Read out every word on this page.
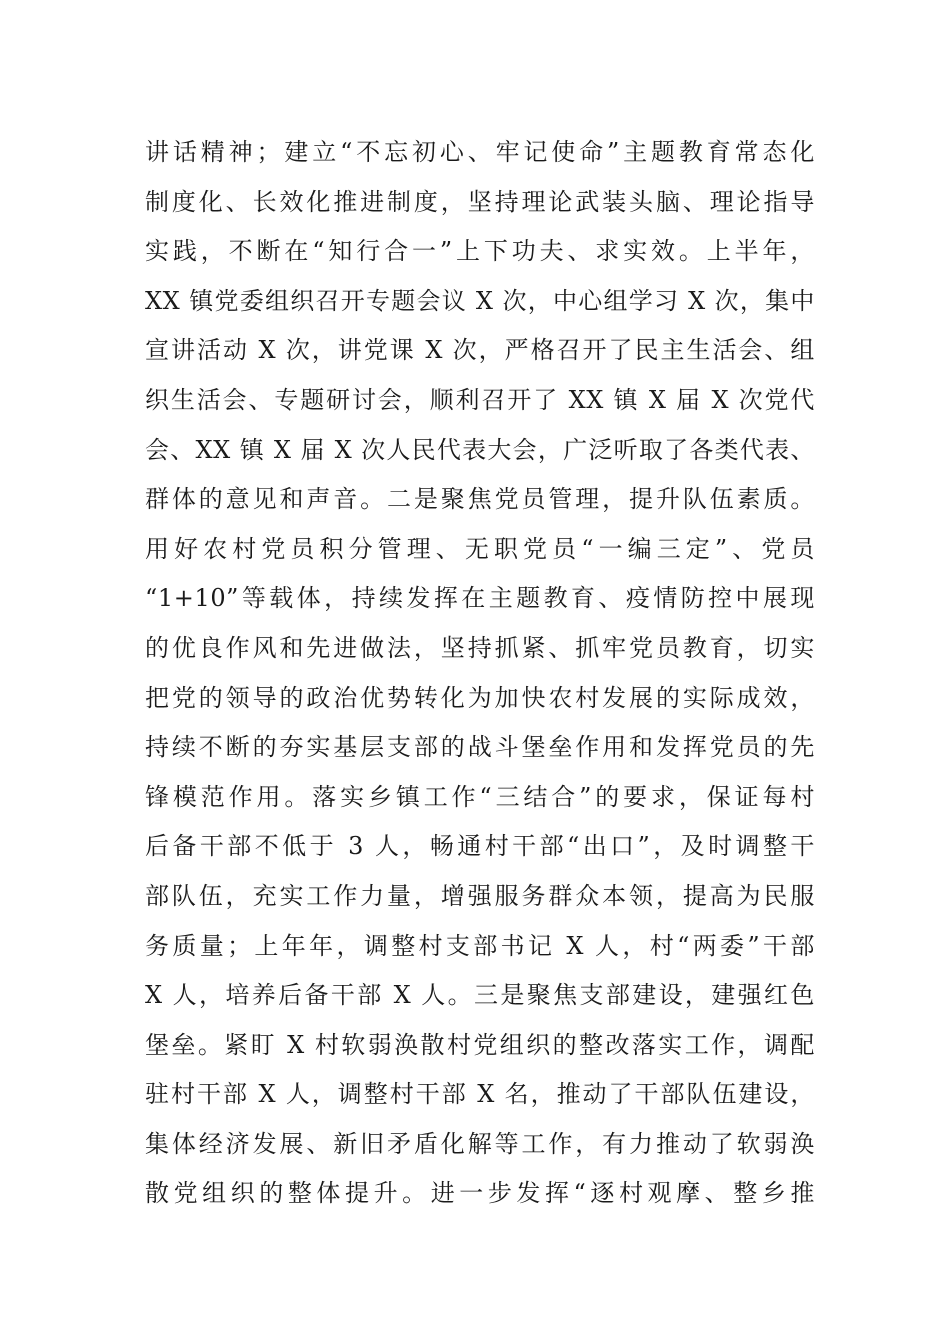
讲话精神；建立“不忘初心、牢记使命”主题教育常态化
制度化、长效化推进制度，坚持理论武装头脑、理论指导
实践，不断在“知行合一”上下功夫、求实效。上半年，
XX 镇党委组织召开专题会议 X 次，中心组学习 X 次，集中
宣讲活动 X 次，讲党课 X 次，严格召开了民主生活会、组
织生活会、专题研讨会，顺利召开了 XX 镇 X 届 X 次党代
会、XX 镇 X 届 X 次人民代表大会，广泛听取了各类代表、
群体的意见和声音。二是聚焦党员管理，提升队伍素质。
用好农村党员积分管理、无职党员“一编三定”、党员
“1+10”等载体，持续发挥在主题教育、疫情防控中展现
的优良作风和先进做法，坚持抓紧、抓牢党员教育，切实
把党的领导的政治优势转化为加快农村发展的实际成效，
持续不断的夯实基层支部的战斗堡垒作用和发挥党员的先
锋模范作用。落实乡镇工作“三结合”的要求，保证每村
后备干部不低于 3 人，畅通村干部“出口”，及时调整干
部队伍，充实工作力量，增强服务群众本领，提高为民服
务质量；上年年，调整村支部书记 X 人，村“两委”干部
X 人，培养后备干部 X 人。三是聚焦支部建设，建强红色
堡垒。紧盯 X 村软弱涣散村党组织的整改落实工作，调配
驻村干部 X 人，调整村干部 X 名，推动了干部队伍建设，
集体经济发展、新旧矛盾化解等工作，有力推动了软弱涣
散党组织的整体提升。进一步发挥“逐村观摩、整乡推
